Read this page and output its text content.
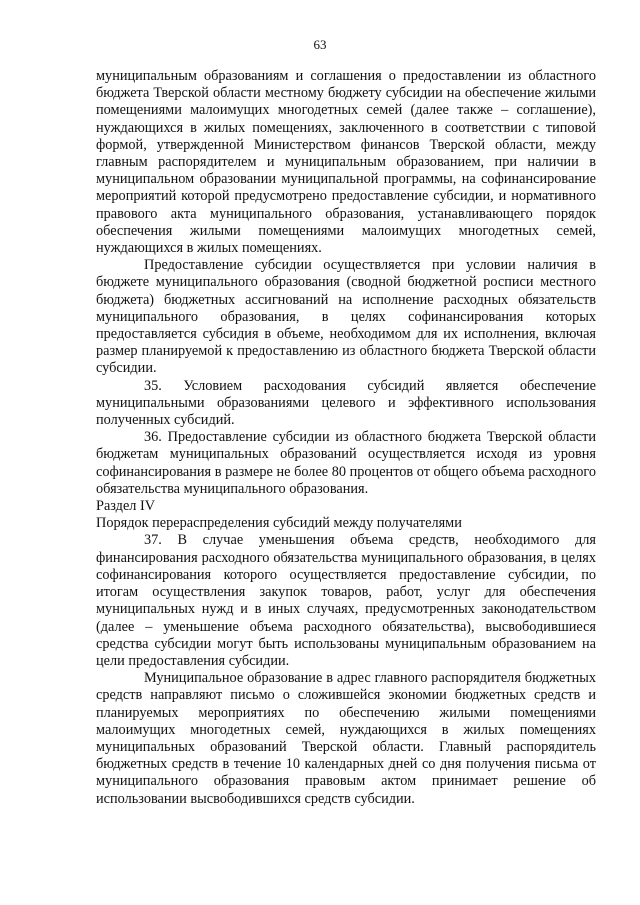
63

муниципальным образованиям и соглашения о предоставлении из областного бюджета Тверской области местному бюджету субсидии на обеспечение жилыми помещениями малоимущих многодетных семей (далее также – соглашение), нуждающихся в жилых помещениях, заключенного в соответствии с типовой формой, утвержденной Министерством финансов Тверской области, между главным распорядителем и муниципальным образованием, при наличии в муниципальном образовании муниципальной программы, на софинансирование мероприятий которой предусмотрено предоставление субсидии, и нормативного правового акта муниципального образования, устанавливающего порядок обеспечения жилыми помещениями малоимущих многодетных семей, нуждающихся в жилых помещениях.

Предоставление субсидии осуществляется при условии наличия в бюджете муниципального образования (сводной бюджетной росписи местного бюджета) бюджетных ассигнований на исполнение расходных обязательств муниципального образования, в целях софинансирования которых предоставляется субсидия в объеме, необходимом для их исполнения, включая размер планируемой к предоставлению из областного бюджета Тверской области субсидии.

35. Условием расходования субсидий является обеспечение муниципальными образованиями целевого и эффективного использования полученных субсидий.

36. Предоставление субсидии из областного бюджета Тверской области бюджетам муниципальных образований осуществляется исходя из уровня софинансирования в размере не более 80 процентов от общего объема расходного обязательства муниципального образования.

Раздел IV

Порядок перераспределения субсидий между получателями

37. В случае уменьшения объема средств, необходимого для финансирования расходного обязательства муниципального образования, в целях софинансирования которого осуществляется предоставление субсидии, по итогам осуществления закупок товаров, работ, услуг для обеспечения муниципальных нужд и в иных случаях, предусмотренных законодательством (далее – уменьшение объема расходного обязательства), высвободившиеся средства субсидии могут быть использованы муниципальным образованием на цели предоставления субсидии.

Муниципальное образование в адрес главного распорядителя бюджетных средств направляют письмо о сложившейся экономии бюджетных средств и планируемых мероприятиях по обеспечению жилыми помещениями малоимущих многодетных семей, нуждающихся в жилых помещениях муниципальных образований Тверской области. Главный распорядитель бюджетных средств в течение 10 календарных дней со дня получения письма от муниципального образования правовым актом принимает решение об использовании высвободившихся средств субсидии.
